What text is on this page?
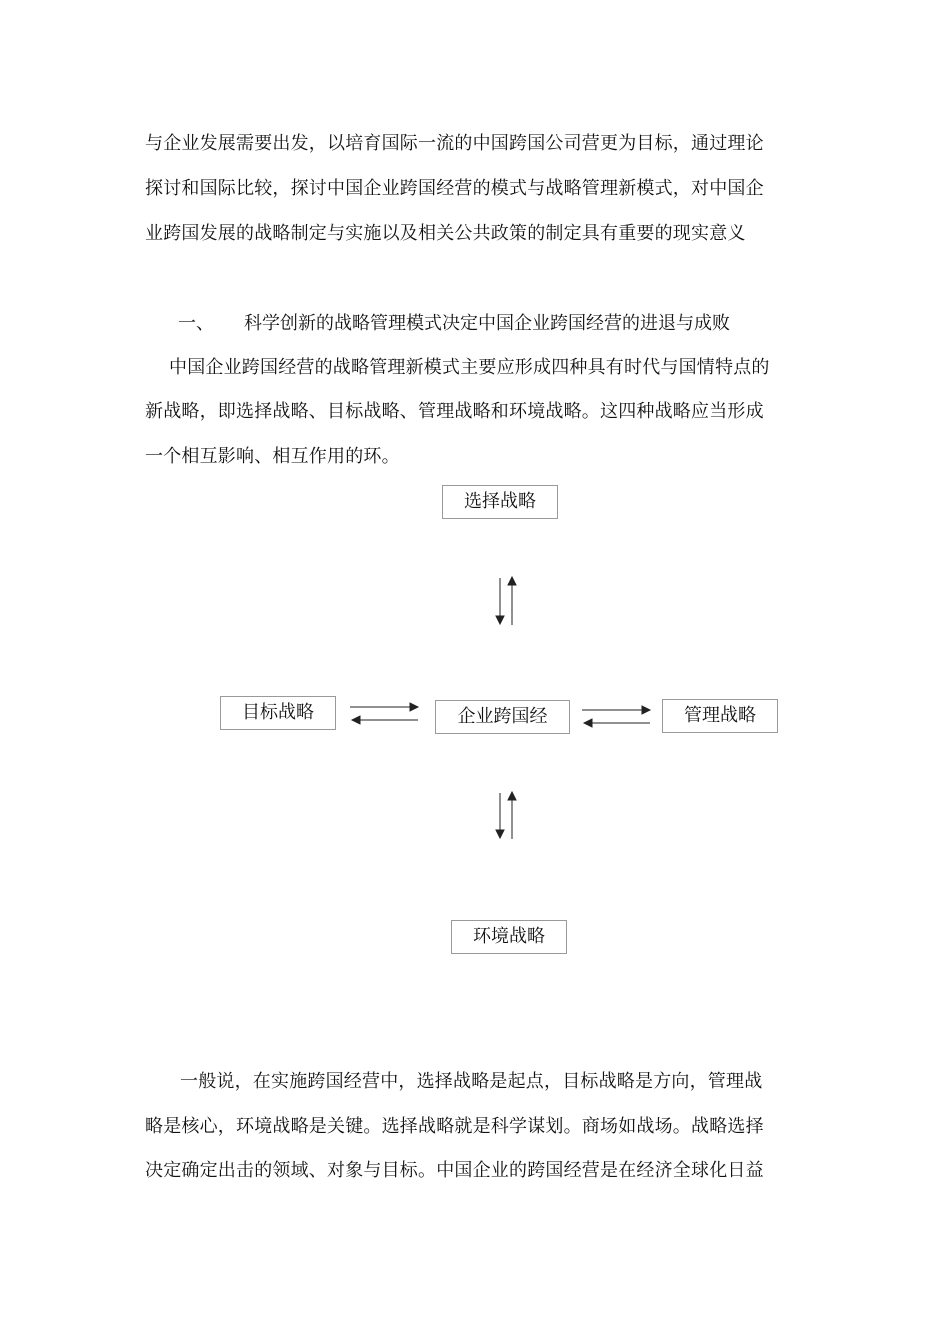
与企业发展需要出发，以培育国际一流的中国跨国公司营更为目标，通过理论
探讨和国际比较，探讨中国企业跨国经营的模式与战略管理新模式，对中国企
业跨国发展的战略制定与实施以及相关公共政策的制定具有重要的现实意义
一、 科学创新的战略管理模式决定中国企业跨国经营的进退与成败
中国企业跨国经营的战略管理新模式主要应形成四种具有时代与国情特点的
新战略，即选择战略、目标战略、管理战略和环境战略。这四种战略应当形成
一个相互影响、相互作用的环。
选择战略
目标战略	企业跨国经	管理战略
环境战略
一般说，在实施跨国经营中，选择战略是起点，目标战略是方向，管理战
略是核心，环境战略是关键。选择战略就是科学谋划。商场如战场。战略选择
决定确定出击的领域、对象与目标。中国企业的跨国经营是在经济全球化日益
